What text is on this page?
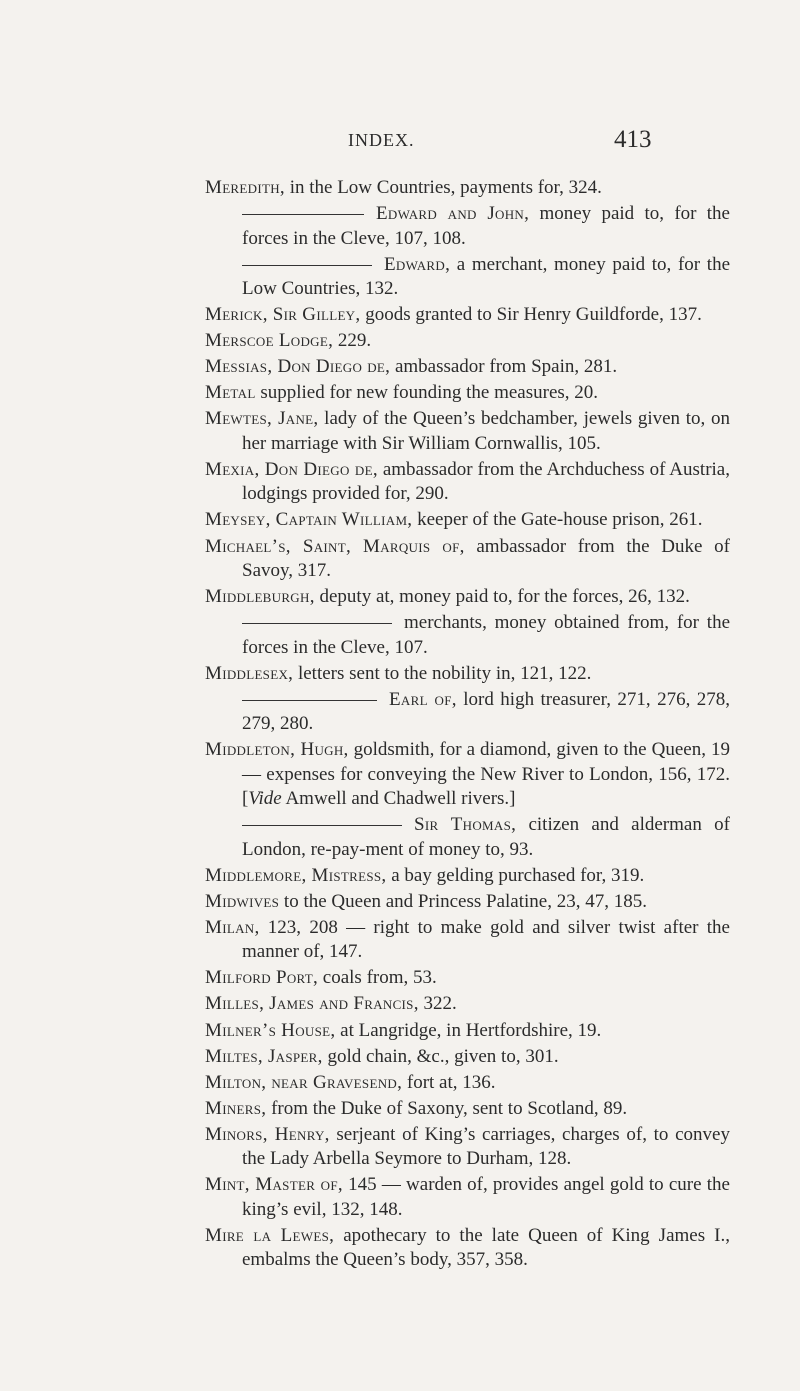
INDEX.	413

Meredith, in the Low Countries, payments for, 324.

Edward and John, money paid to, for the forces in the Cleve, 107, 108.

Edward, a merchant, money paid to, for the Low Countries, 132.

Merick, Sir Gilley, goods granted to Sir Henry Guildforde, 137.

Merscoe Lodge, 229.

Messias, Don Diego de, ambassador from Spain, 281.

Metal supplied for new founding the measures, 20.

Mewtes, Jane, lady of the Queen’s bedchamber, jewels given to, on her marriage with Sir William Cornwallis, 105.

Mexia, Don Diego de, ambassador from the Archduchess of Austria, lodgings provided for, 290.

Meysey, Captain William, keeper of the Gate-house prison, 261.

Michael’s, Saint, Marquis of, ambassador from the Duke of Savoy, 317.

Middleburgh, deputy at, money paid to, for the forces, 26, 132.

merchants, money obtained from, for the forces in the Cleve, 107.

Middlesex, letters sent to the nobility in, 121, 122.

Earl of, lord high treasurer, 271, 276, 278, 279, 280.

Middleton, Hugh, goldsmith, for a diamond, given to the Queen, 19 — expenses for conveying the New River to London, 156, 172. [Vide Amwell and Chadwell rivers.]

Sir Thomas, citizen and alderman of London, re-pay-ment of money to, 93.

Middlemore, Mistress, a bay gelding purchased for, 319.

Midwives to the Queen and Princess Palatine, 23, 47, 185.

Milan, 123, 208 — right to make gold and silver twist after the manner of, 147.

Milford Port, coals from, 53.

Milles, James and Francis, 322.

Milner’s House, at Langridge, in Hertfordshire, 19.

Miltes, Jasper, gold chain, &c., given to, 301.

Milton, near Gravesend, fort at, 136.

Miners, from the Duke of Saxony, sent to Scotland, 89.

Minors, Henry, serjeant of King’s carriages, charges of, to convey the Lady Arbella Seymore to Durham, 128.

Mint, Master of, 145 — warden of, provides angel gold to cure the king’s evil, 132, 148.

Mire la Lewes, apothecary to the late Queen of King James I., embalms the Queen’s body, 357, 358.
